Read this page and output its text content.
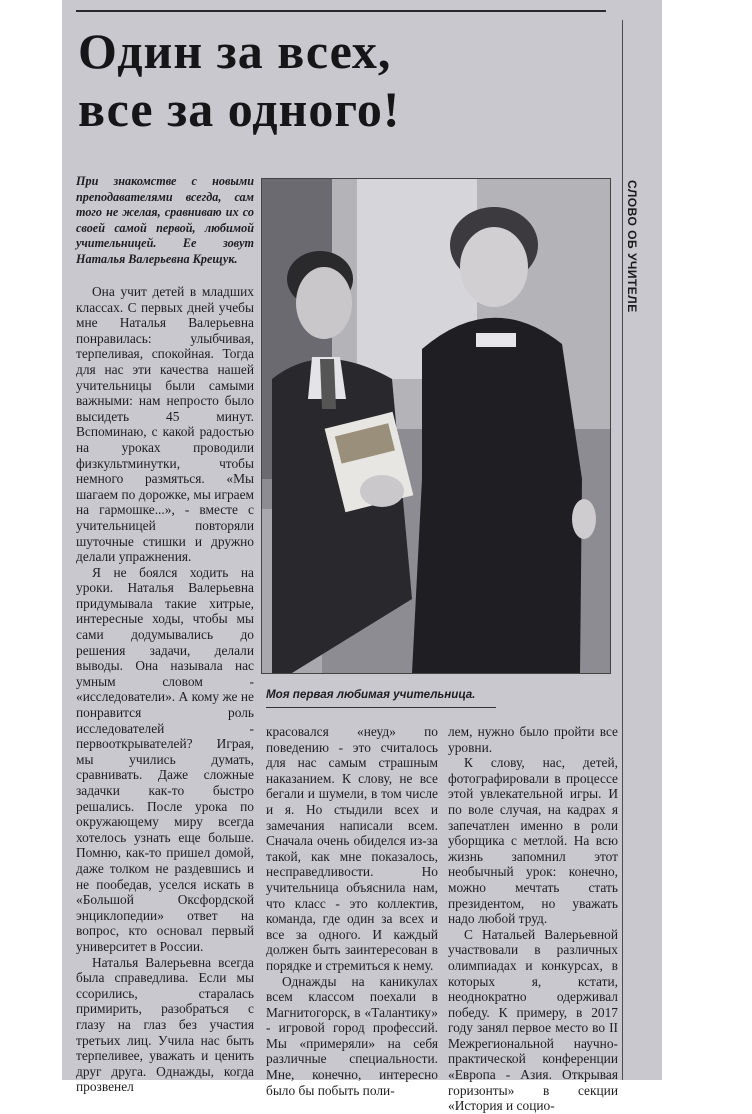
Один за всех,
все за одного!

При знакомстве с новыми преподавателями всегда, сам того не желая, сравниваю их со своей самой первой, любимой учительницей. Ее зовут Наталья Валерьевна Крещук.

Она учит детей в младших классах. С первых дней учебы мне Наталья Валерьевна понравилась: улыбчивая, терпеливая, спокойная. Тогда для нас эти качества нашей учительницы были самыми важными: нам непросто было высидеть 45 минут. Вспоминаю, с какой радостью на уроках проводили физкультминутки, чтобы немного размяться. «Мы шагаем по дорожке, мы играем на гармошке...», - вместе с учительницей повторяли шуточные стишки и дружно делали упражнения.

Я не боялся ходить на уроки. Наталья Валерьевна придумывала такие хитрые, интересные ходы, чтобы мы сами додумывались до решения задачи, делали выводы. Она называла нас умным словом - «исследователи». А кому же не понравится роль исследователей - первооткрывателей? Играя, мы учились думать, сравнивать. Даже сложные задачки как-то быстро решались. После урока по окружающему миру всегда хотелось узнать еще больше. Помню, как-то пришел домой, даже толком не раздевшись и не пообедав, уселся искать в «Большой Оксфордской энциклопедии» ответ на вопрос, кто основал первый университет в России.

Наталья Валерьевна всегда была справедлива. Если мы ссорились, старалась примирить, разобраться с глазу на глаз без участия третьих лиц. Учила нас быть терпеливее, уважать и ценить друг друга. Однажды, когда прозвенел

Моя первая любимая учительница.
СЛОВО ОБ УЧИТЕЛЕ

красовался «неуд» по поведению - это считалось для нас самым страшным наказанием. К слову, не все бегали и шумели, в том числе и я. Но стыдили всех и замечания написали всем. Сначала очень обиделся из-за такой, как мне показалось, несправедливости. Но учительница объяснила нам, что класс - это коллектив, команда, где один за всех и все за одного. И каждый должен быть заинтересован в порядке и стремиться к нему.

Однажды на каникулах всем классом поехали в Магнитогорск, в «Талантику» - игровой город профессий. Мы «примеряли» на себя различные специальности. Мне, конечно, интересно было бы побыть поли-

лем, нужно было пройти все уровни.

К слову, нас, детей, фотографировали в процессе этой увлекательной игры. И по воле случая, на кадрах я запечатлен именно в роли уборщика с метлой. На всю жизнь запомнил этот необычный урок: конечно, можно мечтать стать президентом, но уважать надо любой труд.

С Натальей Валерьевной участвовали в различных олимпиадах и конкурсах, в которых я, кстати, неоднократно одерживал победу. К примеру, в 2017 году занял первое место во II Межрегиональной научно-практической конференции «Европа - Азия. Открывая горизонты» в секции «История и социо-
